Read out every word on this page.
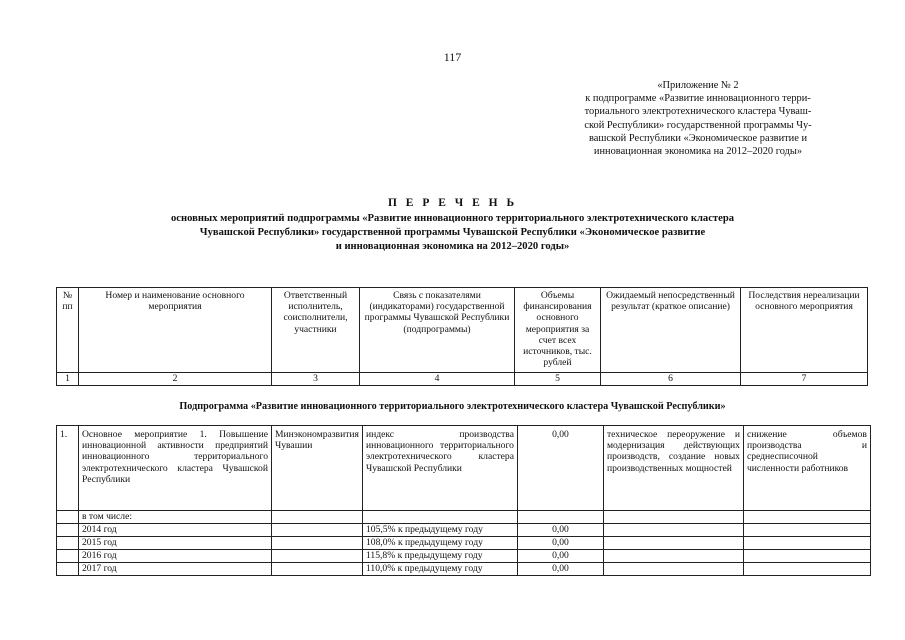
117
«Приложение № 2
к подпрограмме «Развитие инновационного терри-
ториального электротехнического кластера Чуваш-
ской Республики» государственной программы Чу-
вашской Республики «Экономическое развитие и
инновационная экономика на 2012–2020 годы»
П Е Р Е Ч Е Н Ь
основных мероприятий подпрограммы «Развитие инновационного территориального электротехнического кластера
Чувашской Республики» государственной программы Чувашской Республики «Экономическое развитие
и инновационная экономика на 2012–2020 годы»
№ пп	Номер и наименование основного мероприятия	Ответственный исполнитель, соисполнители, участники	Связь с показателями (индикаторами) государственной программы Чувашской Республики (подпрограммы)	Объемы финансирования основного мероприятия за счет всех источников, тыс. рублей	Ожидаемый непосредственный результат (краткое описание)	Последствия нереализации основного мероприятия
1	2	3	4	5	6	7
Подпрограмма «Развитие инновационного территориального электротехнического кластера Чувашской Республики»
1.	Основное мероприятие 1. Повышение инновационной активности предприятий инновационного территориального электротехнического кластера Чувашской Республики	Минэкономразвития Чувашии	индекс производства инновационного территориального электротехнического кластера Чувашской Республики	0,00	техническое переоружение и модернизация действующих производств, создание новых производственных мощностей	снижение объемов производства и среднесписочной численности работников
	в том числе:					
	2014 год		105,5% к предыдущему году	0,00		
	2015 год		108,0% к предыдущему году	0,00		
	2016 год		115,8% к предыдущему году	0,00		
	2017 год		110,0% к предыдущему году	0,00		
